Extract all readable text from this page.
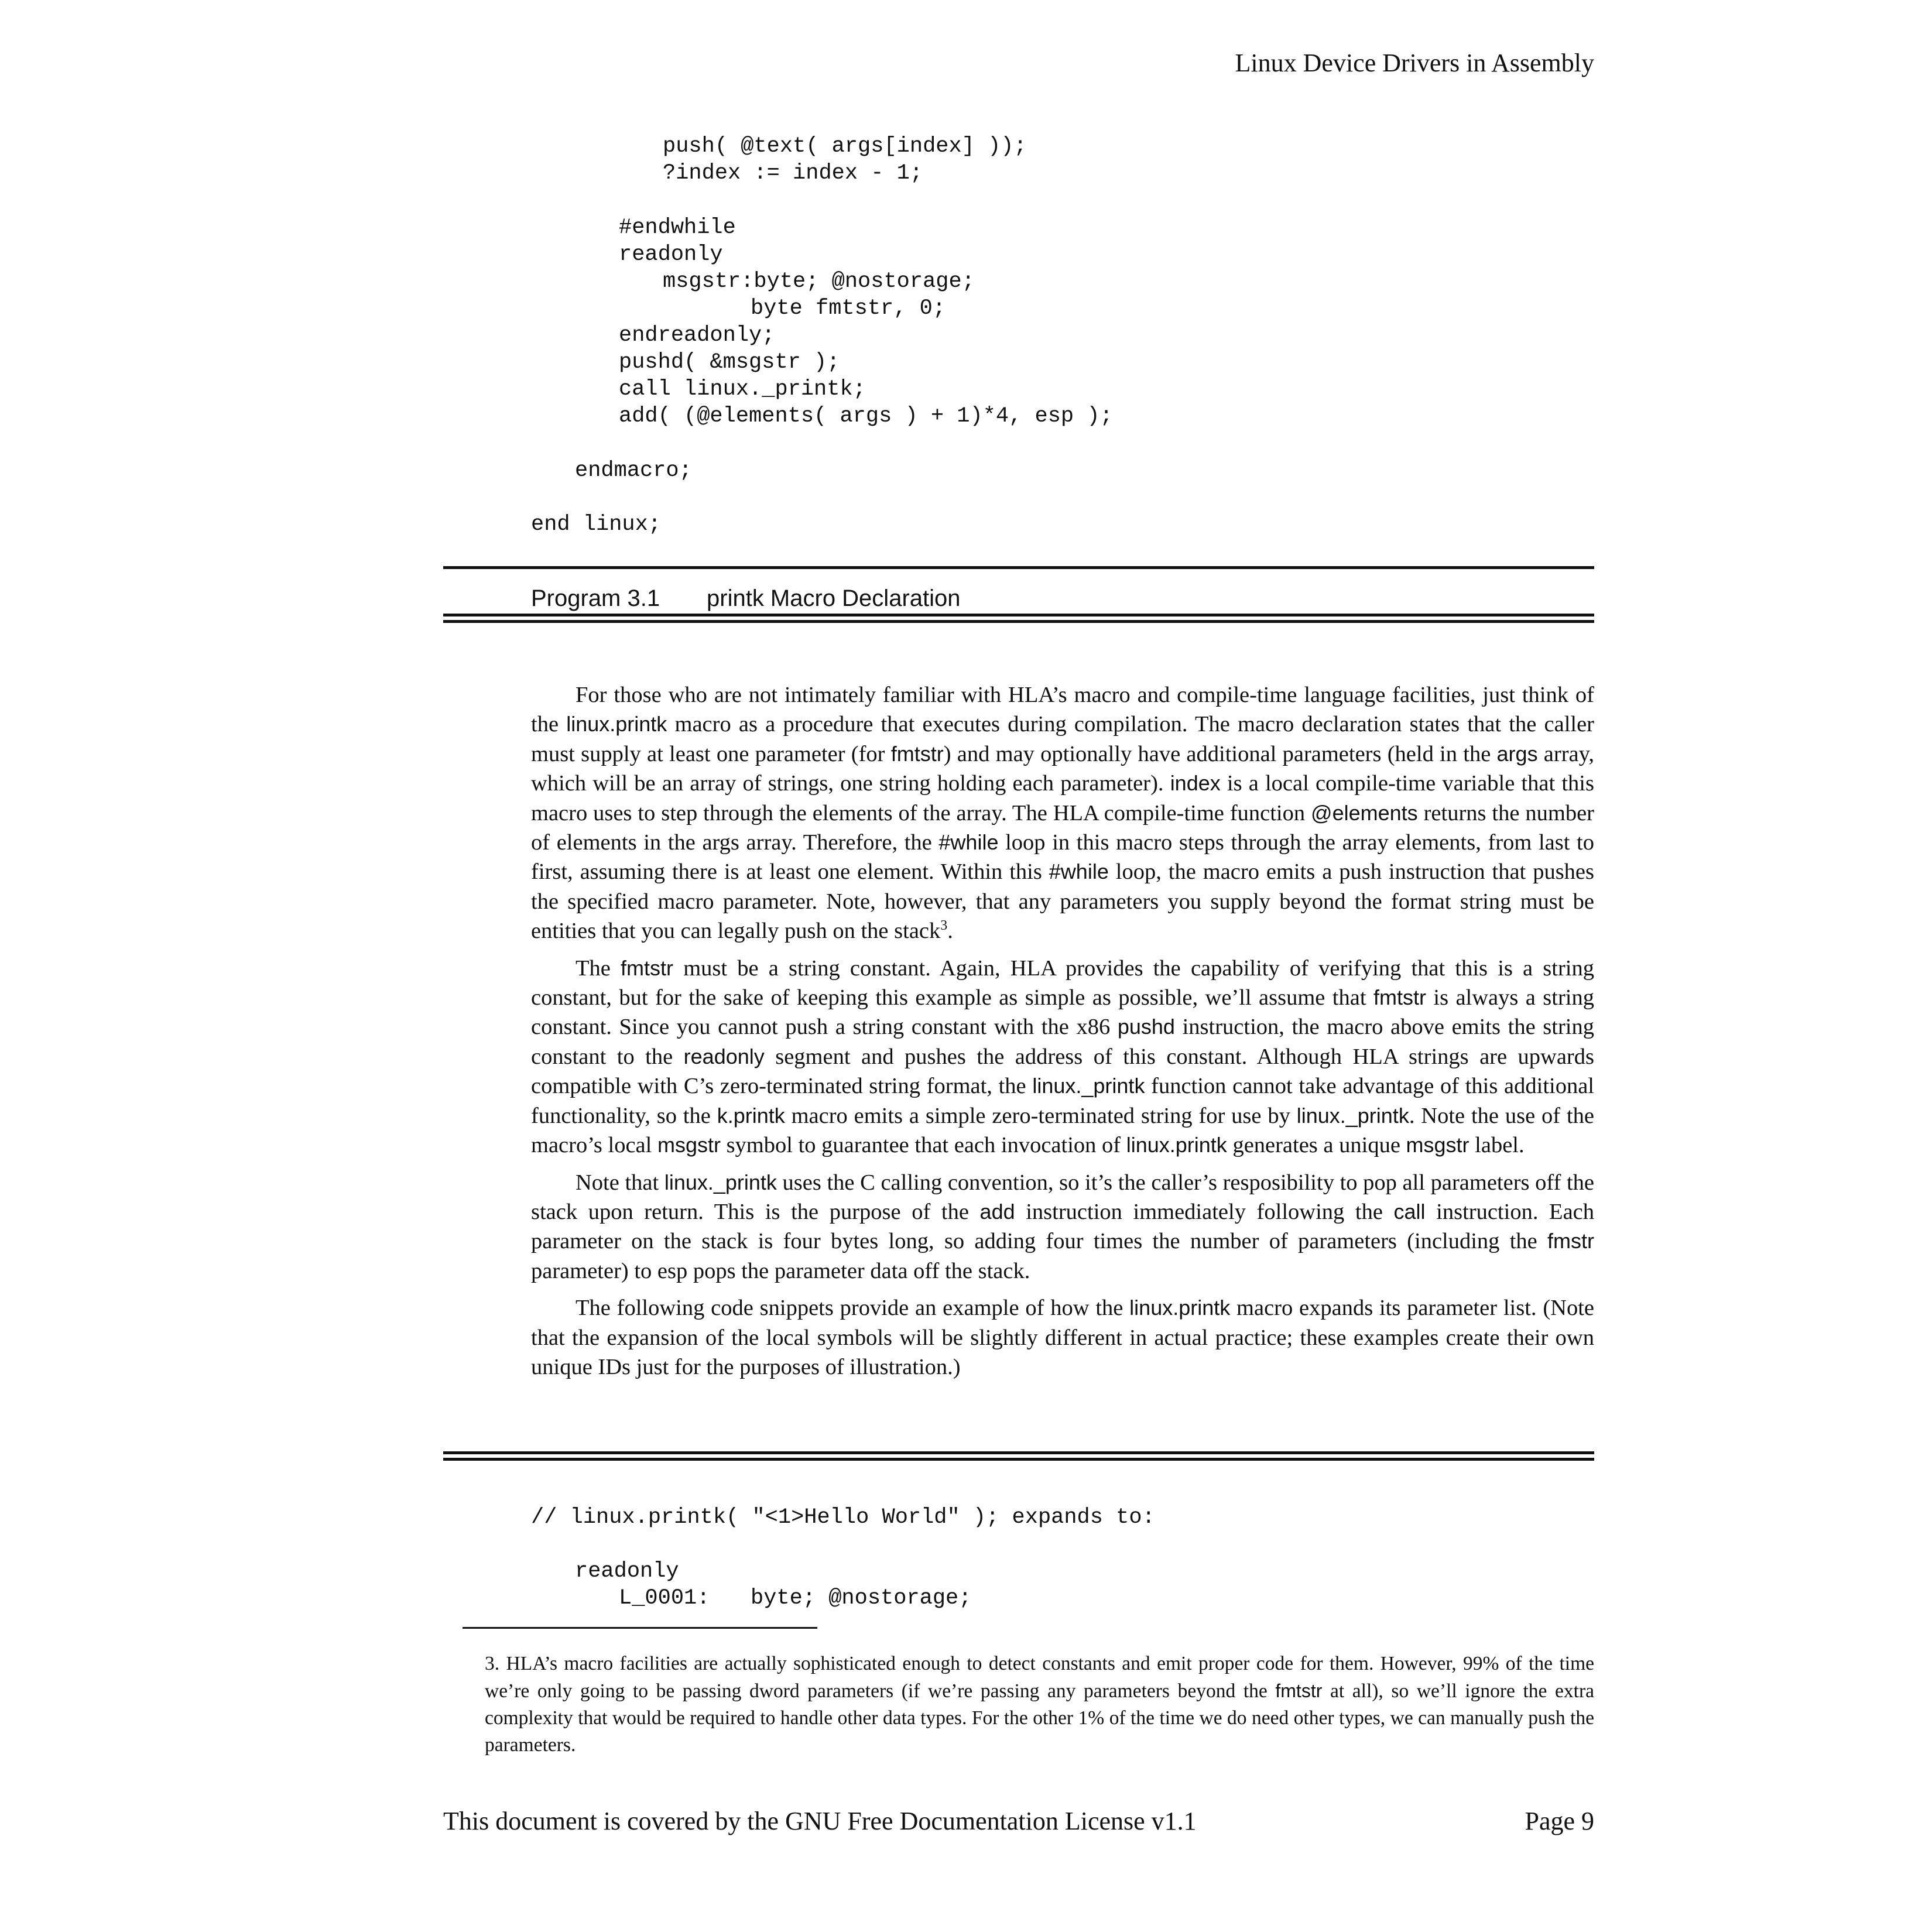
Linux Device Drivers in Assembly
push( @text( args[index] ));
?index := index - 1;
#endwhile
readonly
msgstr:byte; @nostorage;
byte fmtstr, 0;
endreadonly;
pushd( &msgstr );
call linux._printk;
add( (@elements( args ) + 1)*4, esp );
endmacro;
end linux;
Program 3.1 printk Macro Declaration

For those who are not intimately familiar with HLA’s macro and compile-time language facilities, just think of the linux.printk macro as a procedure that executes during compilation. The macro declaration states that the caller must supply at least one parameter (for fmtstr) and may optionally have additional parameters (held in the args array, which will be an array of strings, one string holding each parameter). index is a local compile-time variable that this macro uses to step through the elements of the array. The HLA compile-time function @elements returns the number of elements in the args array. Therefore, the #while loop in this macro steps through the array elements, from last to first, assuming there is at least one element. Within this #while loop, the macro emits a push instruction that pushes the specified macro parameter. Note, however, that any parameters you supply beyond the format string must be entities that you can legally push on the stack$^3$.

The fmtstr must be a string constant. Again, HLA provides the capability of verifying that this is a string constant, but for the sake of keeping this example as simple as possible, we’ll assume that fmtstr is always a string constant. Since you cannot push a string constant with the x86 pushd instruction, the macro above emits the string constant to the readonly segment and pushes the address of this constant. Although HLA strings are upwards compatible with C’s zero-terminated string format, the linux._printk function cannot take advantage of this additional functionality, so the k.printk macro emits a simple zero-terminated string for use by linux._printk. Note the use of the macro’s local msgstr symbol to guarantee that each invocation of linux.printk generates a unique msgstr label.

Note that linux._printk uses the C calling convention, so it’s the caller’s resposibility to pop all parameters off the stack upon return. This is the purpose of the add instruction immediately following the call instruction. Each parameter on the stack is four bytes long, so adding four times the number of parameters (including the fmstr parameter) to esp pops the parameter data off the stack.

The following code snippets provide an example of how the linux.printk macro expands its parameter list. (Note that the expansion of the local symbols will be slightly different in actual practice; these examples create their own unique IDs just for the purposes of illustration.)

// linux.printk( "<1>Hello World" ); expands to:
readonly
L_0001: byte; @nostorage;
3. HLA’s macro facilities are actually sophisticated enough to detect constants and emit proper code for them. However, 99% of the time we’re only going to be passing dword parameters (if we’re passing any parameters beyond the fmtstr at all), so we’ll ignore the extra complexity that would be required to handle other data types. For the other 1% of the time we do need other types, we can manually push the parameters.
This document is covered by the GNU Free Documentation License v1.1	Page 9
